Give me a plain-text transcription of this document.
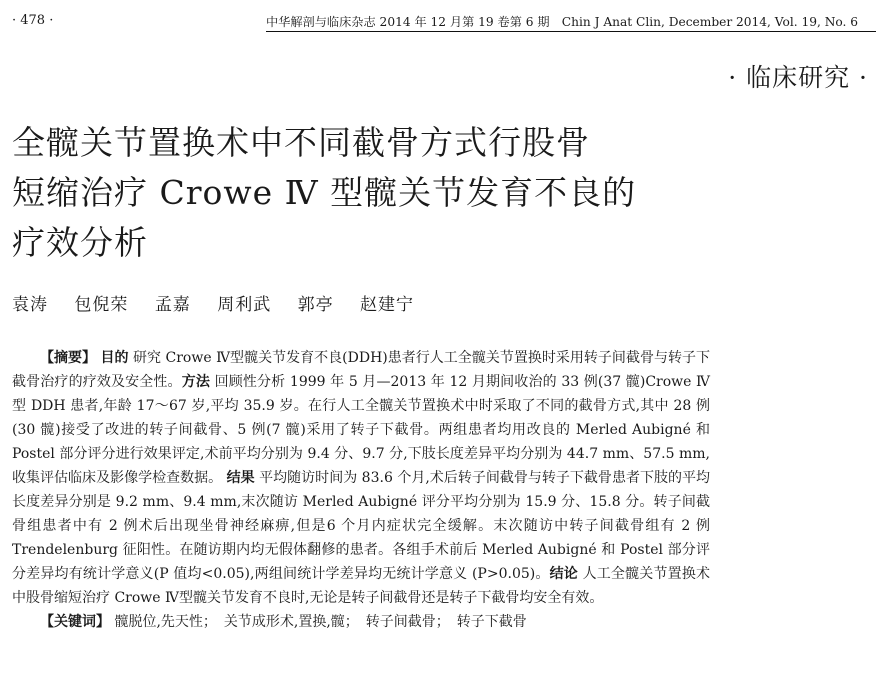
· 478 ·	中华解剖与临床杂志 2014 年 12 月第 19 卷第 6 期　Chin J Anat Clin, December 2014, Vol. 19, No. 6
· 临床研究 ·
全髋关节置换术中不同截骨方式行股骨
短缩治疗 Crowe Ⅳ 型髋关节发育不良的
疗效分析
袁涛 包倪荣 孟嘉 周利武 郭亭 赵建宁

【摘要】 目的 研究 Crowe Ⅳ型髋关节发育不良(DDH)患者行人工全髋关节置换时采用转子间截骨与转子下截骨治疗的疗效及安全性。方法 回顾性分析 1999 年 5 月—2013 年 12 月期间收治的 33 例(37 髋)Crowe Ⅳ型 DDH 患者,年龄 17～67 岁,平均 35.9 岁。在行人工全髋关节置换术中时采取了不同的截骨方式,其中 28 例(30 髋)接受了改进的转子间截骨、5 例(7 髋)采用了转子下截骨。两组患者均用改良的 Merled Aubigné 和 Postel 部分评分进行效果评定,术前平均分别为 9.4 分、9.7 分,下肢长度差异平均分别为 44.7 mm、57.5 mm,收集评估临床及影像学检查数据。 结果 平均随访时间为 83.6 个月,术后转子间截骨与转子下截骨患者下肢的平均长度差异分别是 9.2 mm、9.4 mm,末次随访 Merled Aubigné 评分平均分别为 15.9 分、15.8 分。转子间截骨组患者中有 2 例术后出现坐骨神经麻痹,但是6 个月内症状完全缓解。末次随访中转子间截骨组有 2 例 Trendelenburg 征阳性。在随访期内均无假体翻修的患者。各组手术前后 Merled Aubigné 和 Postel 部分评分差异均有统计学意义(P 值均<0.05),两组间统计学差异均无统计学意义 (P>0.05)。结论 人工全髋关节置换术中股骨缩短治疗 Crowe Ⅳ型髋关节发育不良时,无论是转子间截骨还是转子下截骨均安全有效。

【关键词】 髋脱位,先天性；　关节成形术,置换,髋；　转子间截骨；　转子下截骨
